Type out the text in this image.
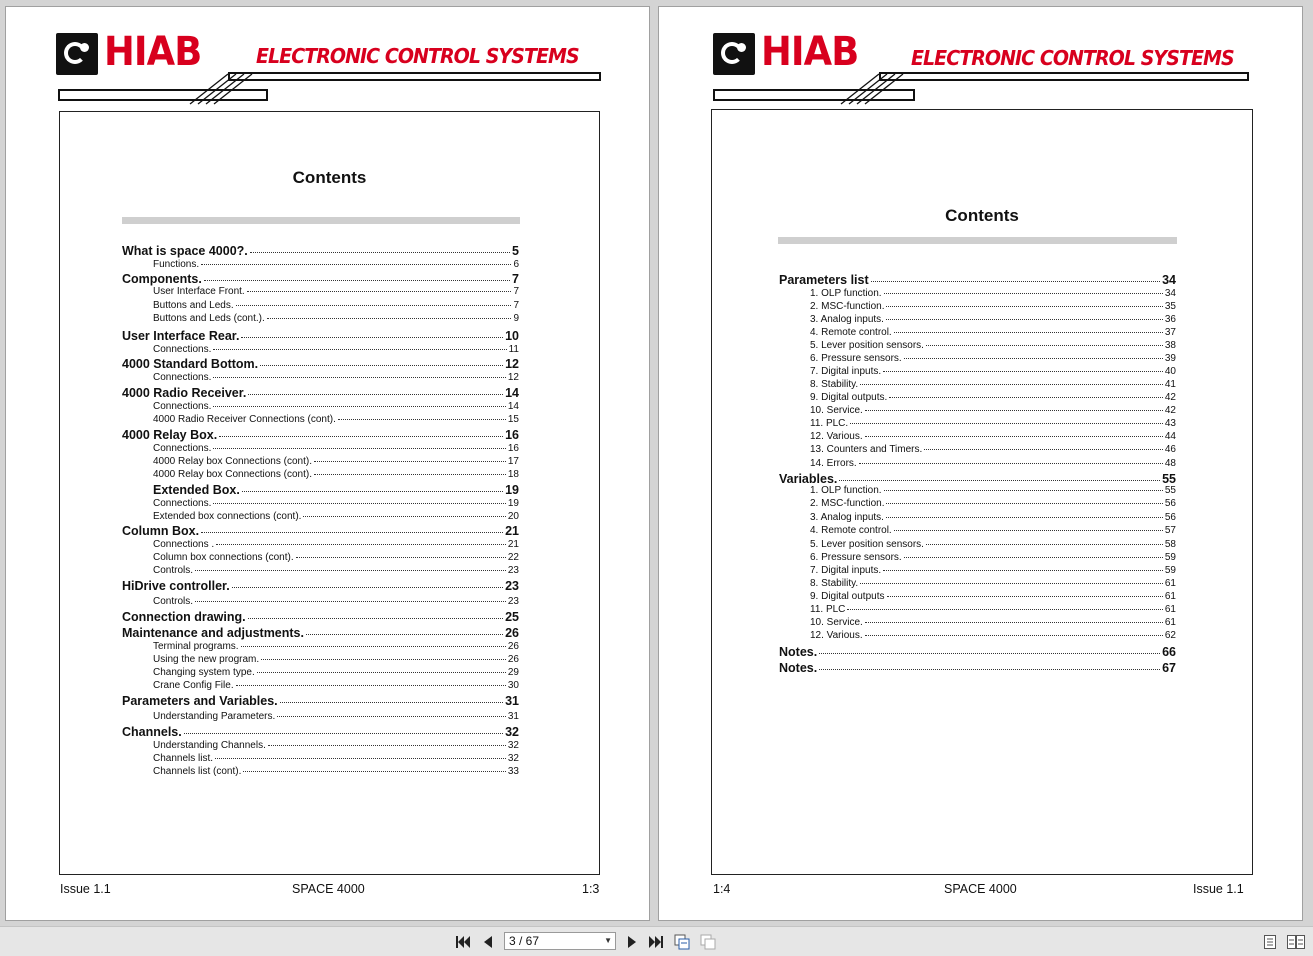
HIAB	ELECTRONIC CONTROL SYSTEMS
Contents
What is space 4000?.	5
Functions.	6
Components.	7
User Interface Front.	7
Buttons and Leds.	7
Buttons and Leds (cont.).	9
User Interface Rear.	10
Connections.	11
4000 Standard Bottom.	12
Connections.	12
4000 Radio Receiver.	14
Connections.	14
4000 Radio Receiver Connections (cont).	15
4000 Relay Box.	16
Connections.	16
4000 Relay box Connections (cont).	17
4000 Relay box Connections (cont).	18
Extended Box.	19
Connections.	19
Extended box connections (cont).	20
Column Box.	21
Connections .	21
Column box connections (cont).	22
Controls.	23
HiDrive controller.	23
Controls.	23
Connection drawing.	25
Maintenance and adjustments.	26
Terminal programs.	26
Using the new program.	26
Changing system type.	29
Crane Config File.	30
Parameters and Variables.	31
Understanding Parameters.	31
Channels.	32
Understanding Channels.	32
Channels list.	32
Channels list (cont).	33
Issue 1.1	SPACE 4000	1:3
HIAB	ELECTRONIC CONTROL SYSTEMS
Contents
Parameters list	34
1. OLP function.	34
2. MSC-function.	35
3. Analog inputs.	36
4. Remote control.	37
5. Lever position sensors.	38
6. Pressure sensors.	39
7. Digital inputs.	40
8. Stability.	41
9. Digital outputs.	42
10. Service.	42
11. PLC.	43
12. Various.	44
13. Counters and Timers.	46
14. Errors.	48
Variables.	55
1. OLP function.	55
2. MSC-function.	56
3. Analog inputs.	56
4. Remote control.	57
5. Lever position sensors.	58
6. Pressure sensors.	59
7. Digital inputs.	59
8. Stability.	61
9. Digital outputs	61
11. PLC	61
10. Service.	61
12. Various.	62
Notes.	66
Notes.	67
1:4	SPACE 4000	Issue 1.1
3 / 67	▼
